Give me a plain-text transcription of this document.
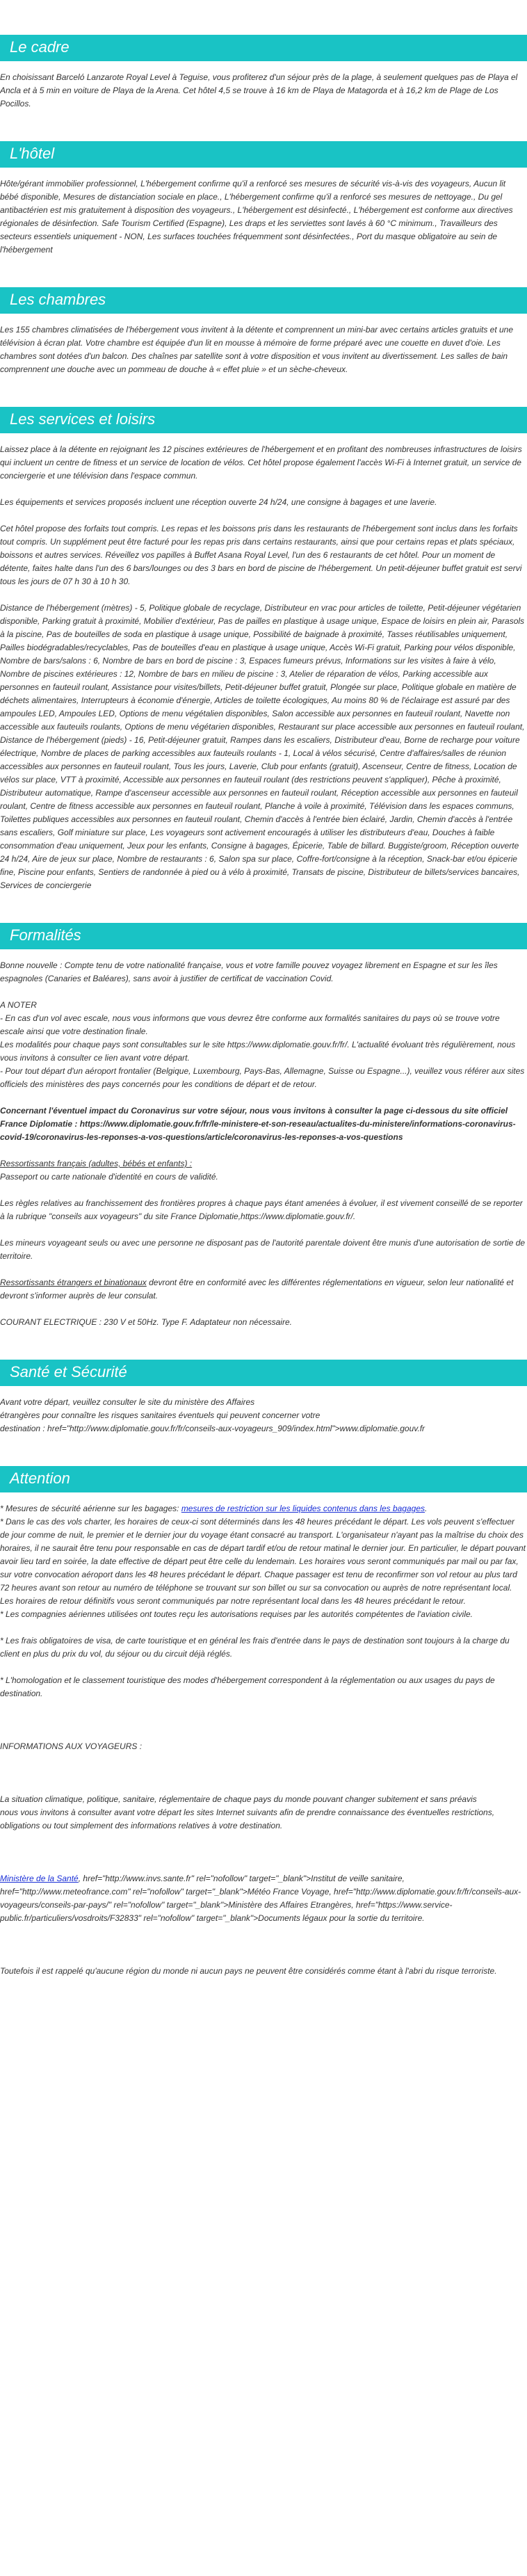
Le cadre

En choisissant Barceló Lanzarote Royal Level à Teguise, vous profiterez d'un séjour près de la plage, à seulement quelques pas de Playa el Ancla et à 5 min en voiture de Playa de la Arena. Cet hôtel 4,5 se trouve à 16 km de Playa de Matagorda et à 16,2 km de Plage de Los Pocillos.

L'hôtel

Hôte/gérant immobilier professionnel, L'hébergement confirme qu'il a renforcé ses mesures de sécurité vis-à-vis des voyageurs, Aucun lit bébé disponible, Mesures de distanciation sociale en place., L'hébergement confirme qu'il a renforcé ses mesures de nettoyage., Du gel antibactérien est mis gratuitement à disposition des voyageurs., L'hébergement est désinfecté., L'hébergement est conforme aux directives régionales de désinfection. Safe Tourism Certified (Espagne), Les draps et les serviettes sont lavés à 60 °C minimum., Travailleurs des secteurs essentiels uniquement - NON, Les surfaces touchées fréquemment sont désinfectées., Port du masque obligatoire au sein de l'hébergement

Les chambres

Les 155 chambres climatisées de l'hébergement vous invitent à la détente et comprennent un mini-bar avec certains articles gratuits et une télévision à écran plat. Votre chambre est équipée d'un lit en mousse à mémoire de forme préparé avec une couette en duvet d'oie. Les chambres sont dotées d'un balcon. Des chaînes par satellite sont à votre disposition et vous invitent au divertissement. Les salles de bain comprennent une douche avec un pommeau de douche à « effet pluie » et un sèche-cheveux.

Les services et loisirs

Laissez place à la détente en rejoignant les 12 piscines extérieures de l'hébergement et en profitant des nombreuses infrastructures de loisirs qui incluent un centre de fitness et un service de location de vélos. Cet hôtel propose également l'accès Wi-Fi à Internet gratuit, un service de conciergerie et une télévision dans l'espace commun.

Les équipements et services proposés incluent une réception ouverte 24 h/24, une consigne à bagages et une laverie.

Cet hôtel propose des forfaits tout compris. Les repas et les boissons pris dans les restaurants de l'hébergement sont inclus dans les forfaits tout compris. Un supplément peut être facturé pour les repas pris dans certains restaurants, ainsi que pour certains repas et plats spéciaux, boissons et autres services. Réveillez vos papilles à Buffet Asana Royal Level, l'un des 6 restaurants de cet hôtel. Pour un moment de détente, faites halte dans l'un des 6 bars/lounges ou des 3 bars en bord de piscine de l'hébergement. Un petit-déjeuner buffet gratuit est servi tous les jours de 07 h 30 à 10 h 30.

Distance de l'hébergement (mètres) - 5, Politique globale de recyclage, Distributeur en vrac pour articles de toilette, Petit-déjeuner végétarien disponible, Parking gratuit à proximité, Mobilier d'extérieur, Pas de pailles en plastique à usage unique, Espace de loisirs en plein air, Parasols à la piscine, Pas de bouteilles de soda en plastique à usage unique, Possibilité de baignade à proximité, Tasses réutilisables uniquement, Pailles biodégradables/recyclables, Pas de bouteilles d'eau en plastique à usage unique, Accès Wi-Fi gratuit, Parking pour vélos disponible, Nombre de bars/salons : 6, Nombre de bars en bord de piscine : 3, Espaces fumeurs prévus, Informations sur les visites à faire à vélo, Nombre de piscines extérieures : 12, Nombre de bars en milieu de piscine : 3, Atelier de réparation de vélos, Parking accessible aux personnes en fauteuil roulant, Assistance pour visites/billets, Petit-déjeuner buffet gratuit, Plongée sur place, Politique globale en matière de déchets alimentaires, Interrupteurs à économie d'énergie, Articles de toilette écologiques, Au moins 80 % de l'éclairage est assuré par des ampoules LED, Ampoules LED, Options de menu végétalien disponibles, Salon accessible aux personnes en fauteuil roulant, Navette non accessible aux fauteuils roulants, Options de menu végétarien disponibles, Restaurant sur place accessible aux personnes en fauteuil roulant, Distance de l'hébergement (pieds) - 16, Petit-déjeuner gratuit, Rampes dans les escaliers, Distributeur d'eau, Borne de recharge pour voiture électrique, Nombre de places de parking accessibles aux fauteuils roulants - 1, Local à vélos sécurisé, Centre d'affaires/salles de réunion accessibles aux personnes en fauteuil roulant, Tous les jours, Laverie, Club pour enfants (gratuit), Ascenseur, Centre de fitness, Location de vélos sur place, VTT à proximité, Accessible aux personnes en fauteuil roulant (des restrictions peuvent s'appliquer), Pêche à proximité, Distributeur automatique, Rampe d'ascenseur accessible aux personnes en fauteuil roulant, Réception accessible aux personnes en fauteuil roulant, Centre de fitness accessible aux personnes en fauteuil roulant, Planche à voile à proximité, Télévision dans les espaces communs, Toilettes publiques accessibles aux personnes en fauteuil roulant, Chemin d'accès à l'entrée bien éclairé, Jardin, Chemin d'accès à l'entrée sans escaliers, Golf miniature sur place, Les voyageurs sont activement encouragés à utiliser les distributeurs d'eau, Douches à faible consommation d'eau uniquement, Jeux pour les enfants, Consigne à bagages, Épicerie, Table de billard. Buggiste/groom, Réception ouverte 24 h/24, Aire de jeux sur place, Nombre de restaurants : 6, Salon spa sur place, Coffre-fort/consigne à la réception, Snack-bar et/ou épicerie fine, Piscine pour enfants, Sentiers de randonnée à pied ou à vélo à proximité, Transats de piscine, Distributeur de billets/services bancaires, Services de conciergerie

Formalités

Bonne nouvelle : Compte tenu de votre nationalité française, vous et votre famille pouvez voyagez librement en Espagne et sur les îles espagnoles (Canaries et Baléares), sans avoir à justifier de certificat de vaccination Covid.

A NOTER

- En cas d'un vol avec escale, nous vous informons que vous devrez être conforme aux formalités sanitaires du pays où se trouve votre escale ainsi que votre destination finale.

Les modalités pour chaque pays sont consultables sur le site https://www.diplomatie.gouv.fr/fr/. L'actualité évoluant très régulièrement, nous vous invitons à consulter ce lien avant votre départ.

- Pour tout départ d'un aéroport frontalier (Belgique, Luxembourg, Pays-Bas, Allemagne, Suisse ou Espagne...), veuillez vous référer aux sites officiels des ministères des pays concernés pour les conditions de départ et de retour.

Concernant l'éventuel impact du Coronavirus sur votre séjour, nous vous invitons à consulter la page ci-dessous du site officiel France Diplomatie : https://www.diplomatie.gouv.fr/fr/le-ministere-et-son-reseau/actualites-du-ministere/informations-coronavirus-covid-19/coronavirus-les-reponses-a-vos-questions/article/coronavirus-les-reponses-a-vos-questions

Ressortissants français (adultes, bébés et enfants) :

Passeport ou carte nationale d'identité en cours de validité.

Les règles relatives au franchissement des frontières propres à chaque pays étant amenées à évoluer, il est vivement conseillé de se reporter à la rubrique "conseils aux voyageurs" du site France Diplomatie,https://www.diplomatie.gouv.fr/.

Les mineurs voyageant seuls ou avec une personne ne disposant pas de l'autorité parentale doivent être munis d'une autorisation de sortie de territoire.

Ressortissants étrangers et binationaux devront être en conformité avec les différentes réglementations en vigueur, selon leur nationalité et devront s'informer auprès de leur consulat.

COURANT ELECTRIQUE : 230 V et 50Hz. Type F. Adaptateur non nécessaire.

Santé et Sécurité

Avant votre départ, veuillez consulter le site du ministère des Affaires
étrangères pour connaître les risques sanitaires éventuels qui peuvent concerner votre
destination : href="http://www.diplomatie.gouv.fr/fr/conseils-aux-voyageurs_909/index.html">www.diplomatie.gouv.fr

Attention

* Mesures de sécurité aérienne sur les bagages: mesures de restriction sur les liquides contenus dans les bagages.

* Dans le cas des vols charter, les horaires de ceux-ci sont déterminés dans les 48 heures précédant le départ. Les vols peuvent s'effectuer de jour comme de nuit, le premier et le dernier jour du voyage étant consacré au transport. L'organisateur n'ayant pas la maîtrise du choix des horaires, il ne saurait être tenu pour responsable en cas de départ tardif et/ou de retour matinal le dernier jour. En particulier, le départ pouvant avoir lieu tard en soirée, la date effective de départ peut être celle du lendemain. Les horaires vous seront communiqués par mail ou par fax, sur votre convocation aéroport dans les 48 heures précédant le départ. Chaque passager est tenu de reconfirmer son vol retour au plus tard 72 heures avant son retour au numéro de téléphone se trouvant sur son billet ou sur sa convocation ou auprès de notre représentant local. Les horaires de retour définitifs vous seront communiqués par notre représentant local dans les 48 heures précédant le retour.

* Les compagnies aériennes utilisées ont toutes reçu les autorisations requises par les autorités compétentes de l'aviation civile.

* Les frais obligatoires de visa, de carte touristique et en général les frais d'entrée dans le pays de destination sont toujours à la charge du client en plus du prix du vol, du séjour ou du circuit déjà réglés.

* L'homologation et le classement touristique des modes d'hébergement correspondent à la réglementation ou aux usages du pays de destination.

INFORMATIONS AUX VOYAGEURS :

La situation climatique, politique, sanitaire, réglementaire de chaque pays du monde pouvant changer subitement et sans préavis
nous vous invitons à consulter avant votre départ les sites Internet suivants afin de prendre connaissance des éventuelles restrictions, obligations ou tout simplement des informations relatives à votre destination.

Ministère de la Santé, href="http://www.invs.sante.fr" rel="nofollow" target="_blank">Institut de veille sanitaire, href="http://www.meteofrance.com" rel="nofollow" target="_blank">Météo France Voyage, href="http://www.diplomatie.gouv.fr/fr/conseils-aux-voyageurs/conseils-par-pays/" rel="nofollow" target="_blank">Ministère des Affaires Etrangères, href="https://www.service-public.fr/particuliers/vosdroits/F32833" rel="nofollow" target="_blank">Documents légaux pour la sortie du territoire.

Toutefois il est rappelé qu'aucune région du monde ni aucun pays ne peuvent être considérés comme étant à l'abri du risque terroriste.
